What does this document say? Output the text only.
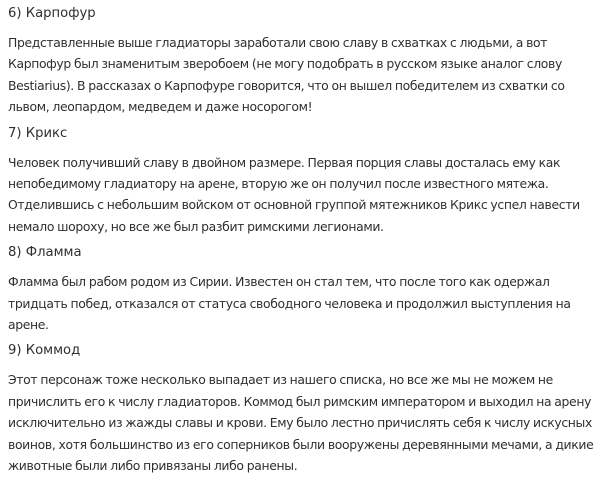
6) Карпофур
Представленные выше гладиаторы заработали свою славу в схватках с людьми, а вот
Карпофур был знаменитым зверобоем (не могу подобрать в русском языке аналог слову
Bestiarius). В рассказах о Карпофуре говорится, что он вышел победителем из схватки со
львом, леопардом, медведем и даже носорогом!
7) Крикс
Человек получивший славу в двойном размере. Первая порция славы досталась ему как
непобедимому гладиатору на арене, вторую же он получил после известного мятежа.
Отделившись с небольшим войском от основной группой мятежников Крикс успел навести
немало шороху, но все же был разбит римскими легионами.
8) Фламма
Фламма был рабом родом из Сирии. Известен он стал тем, что после того как одержал
тридцать побед, отказался от статуса свободного человека и продолжил выступления на
арене.
9) Коммод
Этот персонаж тоже несколько выпадает из нашего списка, но все же мы не можем не
причислить его к числу гладиаторов. Коммод был римским императором и выходил на арену
исключительно из жажды славы и крови. Ему было лестно причислять себя к числу искусных
воинов, хотя большинство из его соперников были вооружены деревянными мечами, а дикие
животные были либо привязаны либо ранены.
